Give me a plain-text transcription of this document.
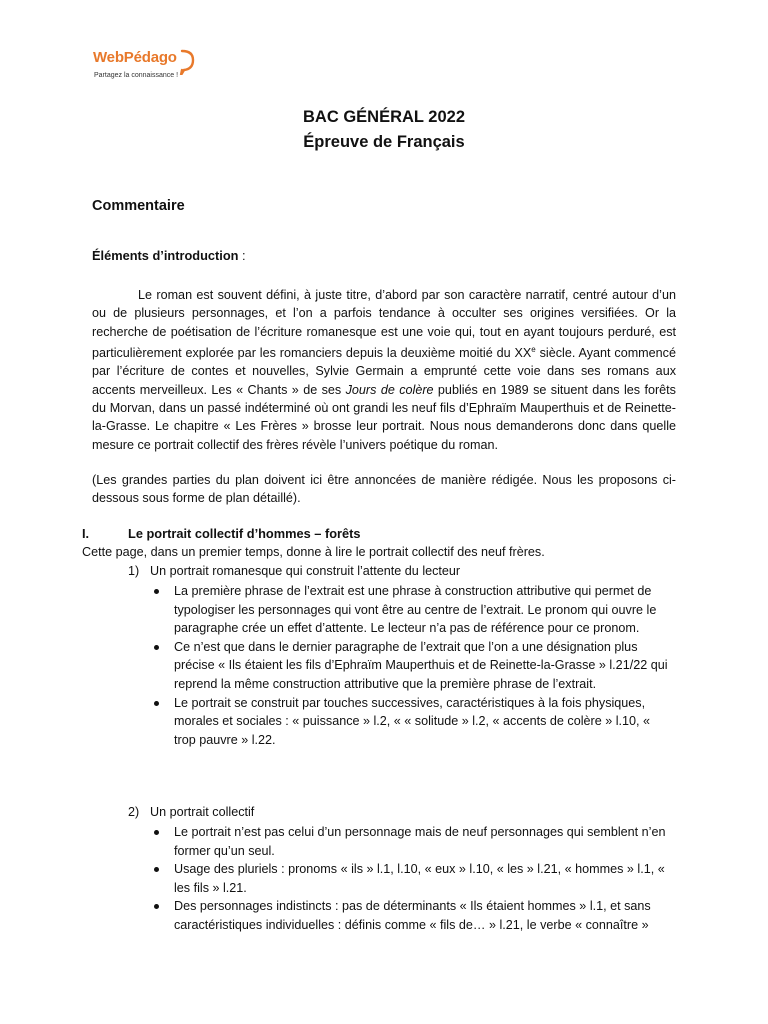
WebPédago
Partagez la connaissance !
BAC GÉNÉRAL 2022
Épreuve de Français
Commentaire
Éléments d’introduction :
Le roman est souvent défini, à juste titre, d’abord par son caractère narratif, centré autour d’un ou de plusieurs personnages, et l’on a parfois tendance à occulter ses origines versifiées. Or la recherche de poétisation de l’écriture romanesque est une voie qui, tout en ayant toujours perduré, est particulièrement explorée par les romanciers depuis la deuxième moitié du XXe siècle. Ayant commencé par l’écriture de contes et nouvelles, Sylvie Germain a emprunté cette voie dans ses romans aux accents merveilleux. Les « Chants » de ses Jours de colère publiés en 1989 se situent dans les forêts du Morvan, dans un passé indéterminé où ont grandi les neuf fils d’Ephraïm Mauperthuis et de Reinette-la-Grasse. Le chapitre « Les Frères » brosse leur portrait. Nous nous demanderons donc dans quelle mesure ce portrait collectif des frères révèle l’univers poétique du roman.
(Les grandes parties du plan doivent ici être annoncées de manière rédigée. Nous les proposons ci-dessous sous forme de plan détaillé).
I.	Le portrait collectif d’hommes – forêts
Cette page, dans un premier temps, donne à lire le portrait collectif des neuf frères.
1) Un portrait romanesque qui construit l’attente du lecteur
La première phrase de l’extrait est une phrase à construction attributive qui permet de typologiser les personnages qui vont être au centre de l’extrait. Le pronom qui ouvre le paragraphe crée un effet d’attente. Le lecteur n’a pas de référence pour ce pronom.
Ce n’est que dans le dernier paragraphe de l’extrait que l’on a une désignation plus précise « Ils étaient les fils d’Ephraïm Mauperthuis et de Reinette-la-Grasse » l.21/22 qui reprend la même construction attributive que la première phrase de l’extrait.
Le portrait se construit par touches successives, caractéristiques à la fois physiques, morales et sociales : « puissance » l.2, « « solitude » l.2, « accents de colère » l.10, « trop pauvre » l.22.
2) Un portrait collectif
Le portrait n’est pas celui d’un personnage mais de neuf personnages qui semblent n’en former qu’un seul.
Usage des pluriels : pronoms « ils » l.1, l.10, « eux » l.10, « les » l.21, « hommes » l.1, « les fils » l.21.
Des personnages indistincts : pas de déterminants « Ils étaient hommes » l.1, et sans caractéristiques individuelles : définis comme « fils de… » l.21, le verbe « connaître »
